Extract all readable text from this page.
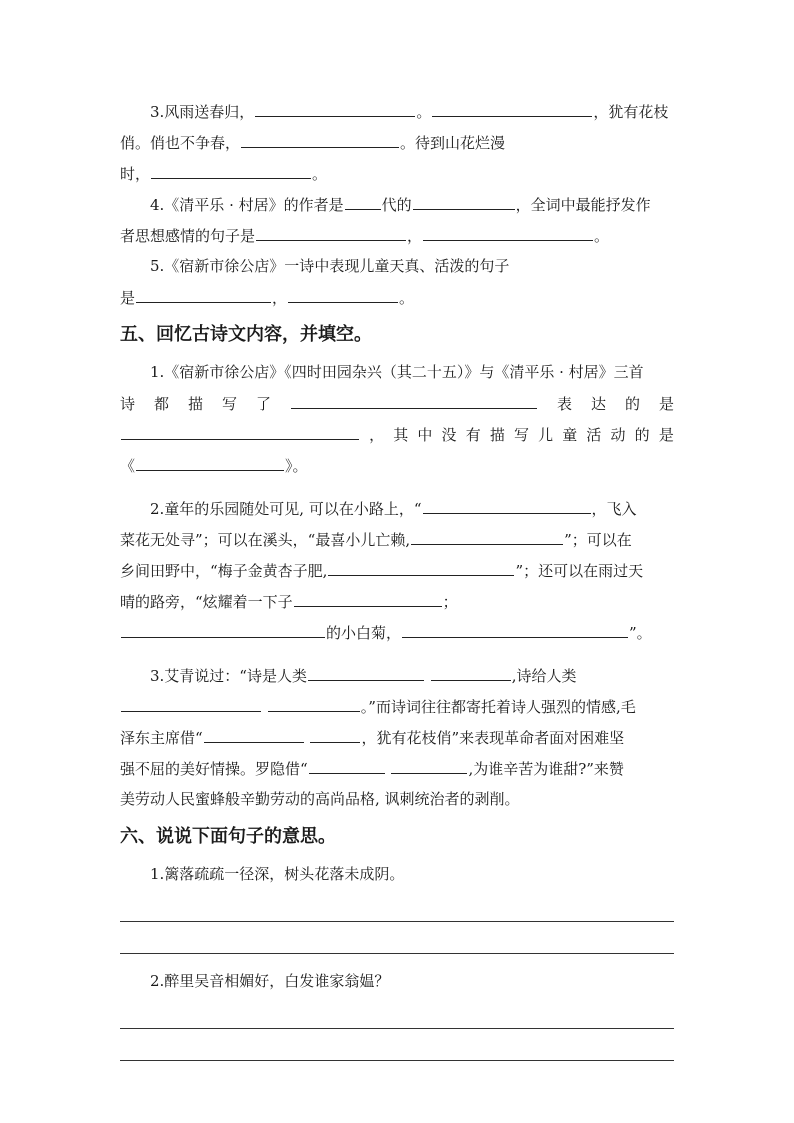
3.风雨送春归，	。	，犹有花枝
俏。俏也不争春，	。待到山花烂漫
时，	。
4.《清平乐 · 村居》的作者是	代的	，全词中最能抒发作
者思想感情的句子是	，	。
5.《宿新市徐公店》一诗中表现儿童天真、活泼的句子
是	，	。
五、回忆古诗文内容，并填空。
1.《宿新市徐公店》《四时田园杂兴（其二十五）》与《清平乐 · 村居》三首
诗 都 描 写 了	表 达 的 是
， 其 中 没 有 描 写 儿 童 活 动 的 是
《	》。
2.童年的乐园随处可见, 可以在小路上，“	，飞入
菜花无处寻”；可以在溪头，“最喜小儿亡赖,	”；可以在
乡间田野中，“梅子金黄杏子肥,	”；还可以在雨过天
晴的路旁，“炫耀着一下子	；
的小白菊，	”。
3.艾青说过：“诗是人类	,诗给人类
。”而诗词往往都寄托着诗人强烈的情感,毛
泽东主席借“	，犹有花枝俏”来表现革命者面对困难坚
强不屈的美好情操。罗隐借“	,为谁辛苦为谁甜?”来赞
美劳动人民蜜蜂般辛勤劳动的高尚品格, 讽刺统治者的剥削。
六、说说下面句子的意思。
1.篱落疏疏一径深，树头花落未成阴。
2.醉里吴音相媚好，白发谁家翁媪？
